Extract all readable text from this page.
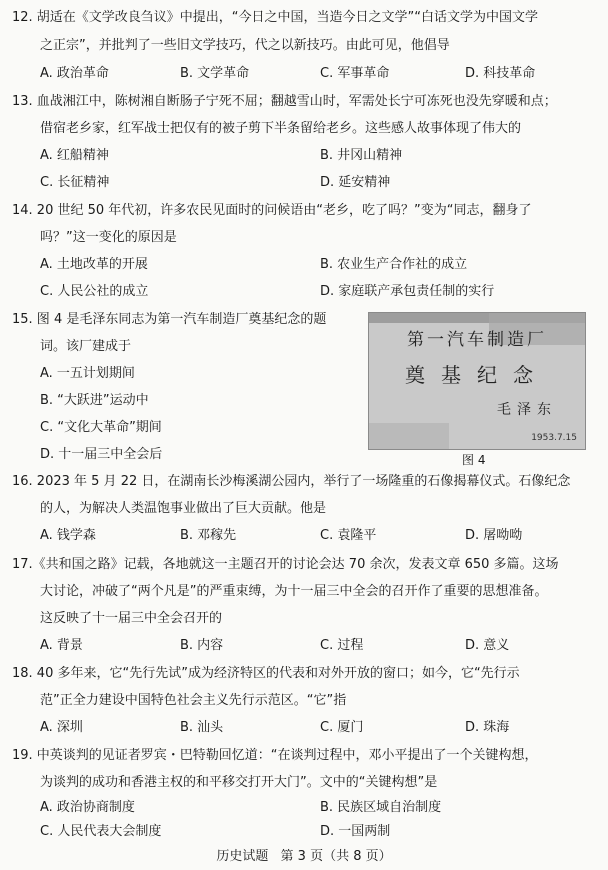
12. 胡适在《文学改良刍议》中提出，“今日之中国，当造今日之文学”“白话文学为中国文学
之正宗”，并批判了一些旧文学技巧，代之以新技巧。由此可见，他倡导
A. 政治革命	B. 文学革命	C. 军事革命	D. 科技革命
13. 血战湘江中，陈树湘自断肠子宁死不屈；翻越雪山时，军需处长宁可冻死也没先穿暖和点；
借宿老乡家，红军战士把仅有的被子剪下半条留给老乡。这些感人故事体现了伟大的
A. 红船精神	B. 井冈山精神
C. 长征精神	D. 延安精神
14. 20 世纪 50 年代初，许多农民见面时的问候语由“老乡，吃了吗？”变为“同志，翻身了
吗？”这一变化的原因是
A. 土地改革的开展	B. 农业生产合作社的成立
C. 人民公社的成立	D. 家庭联产承包责任制的实行
15. 图 4 是毛泽东同志为第一汽车制造厂奠基纪念的题
词。该厂建成于
A. 一五计划期间
B. “大跃进”运动中
C. “文化大革命”期间
D. 十一届三中全会后
第一汽车制造厂
奠基纪念
毛泽东
1953.7.15
图 4
16. 2023 年 5 月 22 日，在湖南长沙梅溪湖公园内，举行了一场隆重的石像揭幕仪式。石像纪念
的人，为解决人类温饱事业做出了巨大贡献。他是
A. 钱学森	B. 邓稼先	C. 袁隆平	D. 屠呦呦
17.《共和国之路》记载，各地就这一主题召开的讨论会达 70 余次，发表文章 650 多篇。这场
大讨论，冲破了“两个凡是”的严重束缚，为十一届三中全会的召开作了重要的思想准备。
这反映了十一届三中全会召开的
A. 背景	B. 内容	C. 过程	D. 意义
18. 40 多年来，它“先行先试”成为经济特区的代表和对外开放的窗口；如今，它“先行示
范”正全力建设中国特色社会主义先行示范区。“它”指
A. 深圳	B. 汕头	C. 厦门	D. 珠海
19. 中英谈判的见证者罗宾・巴特勒回忆道：“在谈判过程中，邓小平提出了一个关键构想，
为谈判的成功和香港主权的和平移交打开大门”。文中的“关键构想”是
A. 政治协商制度	B. 民族区域自治制度
C. 人民代表大会制度	D. 一国两制
历史试题 第 3 页（共 8 页）
